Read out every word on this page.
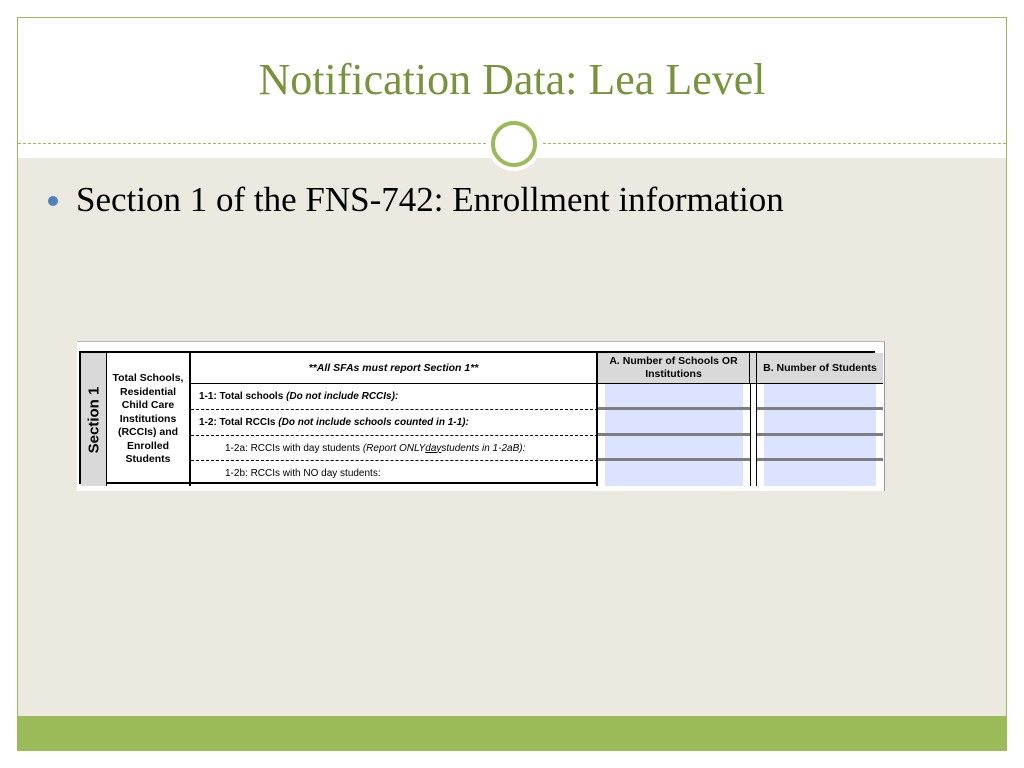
Notification Data: Lea Level
Section 1 of the FNS-742: Enrollment information
Section 1
Total Schools, Residential Child Care Institutions (RCCIs) and Enrolled Students
**All SFAs must report Section 1**
A. Number of Schools OR Institutions
B. Number of Students
1-1: Total schools
(Do not include RCCIs):
1-2: Total RCCIs
(Do not include schools counted in 1-1):
1-2a: RCCIs with day students
(Report ONLY day students in 1-2aB):
1-2b: RCCIs with NO day students:
